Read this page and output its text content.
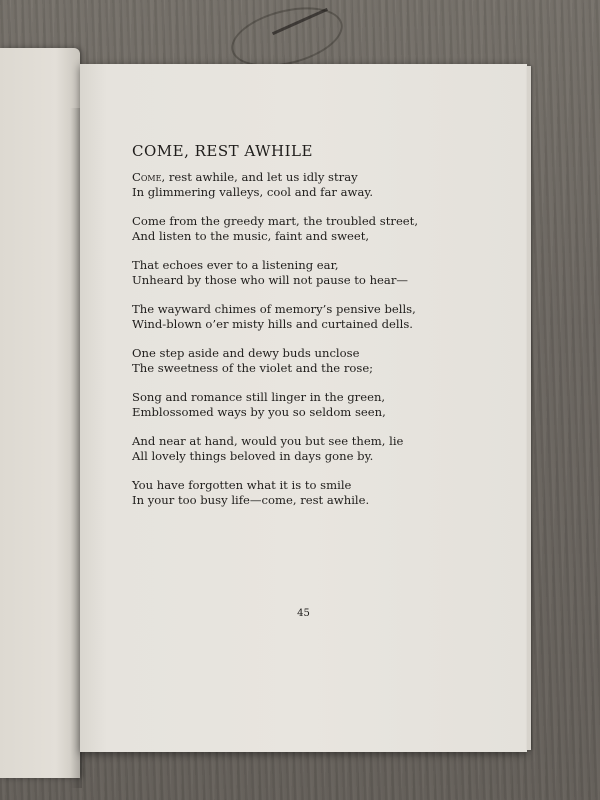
COME, REST AWHILE
Come, rest awhile, and let us idly stray
In glimmering valleys, cool and far away.
Come from the greedy mart, the troubled street,
And listen to the music, faint and sweet,
That echoes ever to a listening ear,
Unheard by those who will not pause to hear—
The wayward chimes of memory’s pensive bells,
Wind-blown o’er misty hills and curtained dells.
One step aside and dewy buds unclose
The sweetness of the violet and the rose;
Song and romance still linger in the green,
Emblossomed ways by you so seldom seen,
And near at hand, would you but see them, lie
All lovely things beloved in days gone by.
You have forgotten what it is to smile
In your too busy life—come, rest awhile.
45
